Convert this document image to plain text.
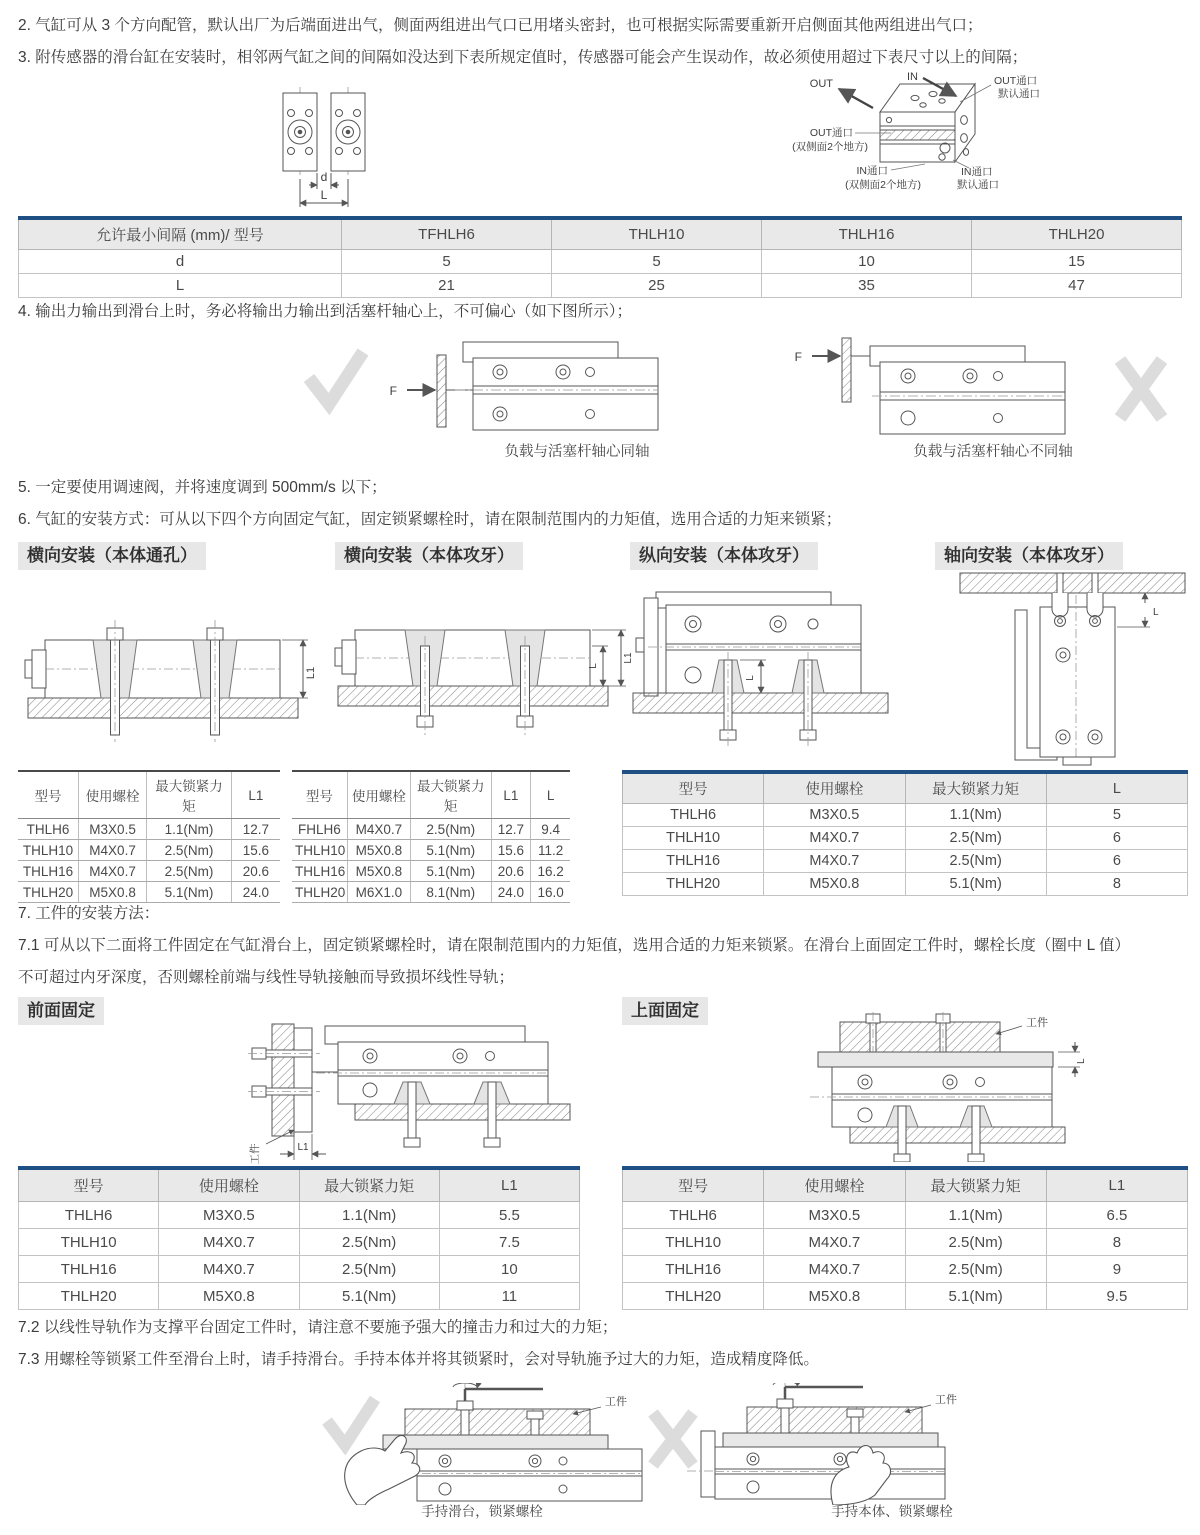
2. 气缸可从 3 个方向配管，默认出厂为后端面进出气，侧面两组进出气口已用堵头密封，也可根据实际需要重新开启侧面其他两组进出气口；

3. 附传感器的滑台缸在安装时，相邻两气缸之间的间隔如没达到下表所规定值时，传感器可能会产生误动作，故必须使用超过下表尺寸以上的间隔；

4. 输出力输出到滑台上时，务必将输出力输出到活塞杆轴心上，不可偏心（如下图所示）；

5. 一定要使用调速阀，并将速度调到 500mm/s 以下；

6. 气缸的安装方式：可从以下四个方向固定气缸，固定锁紧螺栓时，请在限制范围内的力矩值，选用合适的力矩来锁紧；

7. 工件的安装方法：

7.1 可从以下二面将工件固定在气缸滑台上，固定锁紧螺栓时，请在限制范围内的力矩值，选用合适的力矩来锁紧。在滑台上面固定工件时，螺栓长度（圈中 L 值）

不可超过内牙深度，否则螺栓前端与线性导轨接触而导致损坏线性导轨；

7.2 以线性导轨作为支撑平台固定工件时，请注意不要施予强大的撞击力和过大的力矩；

7.3 用螺栓等锁紧工件至滑台上时，请手持滑台。手持本体并将其锁紧时，会对导轨施予过大的力矩，造成精度降低。

d
L
OUT
IN	OUT通口
默认通口
OUT通口
(双侧面2个地方)
IN通口
(双侧面2个地方)
IN通口
默认通口
允许最小间隔 (mm)/ 型号	TFHLH6	THLH10	THLH16	THLH20
d	5	5	10	15
L	21	25	35	47
F
负载与活塞杆轴心同轴
F
负载与活塞杆轴心不同轴
横向安装（本体通孔）	横向安装（本体攻牙）	纵向安装（本体攻牙）	轴向安装（本体攻牙）
L1
L
L1
L
L
型号	使用螺栓	最大锁紧力矩	L1
THLH6	M3X0.5	1.1(Nm)	12.7
THLH10	M4X0.7	2.5(Nm)	15.6
THLH16	M4X0.7	2.5(Nm)	20.6
THLH20	M5X0.8	5.1(Nm)	24.0
型号	使用螺栓	最大锁紧力矩	L1	L
FHLH6	M4X0.7	2.5(Nm)	12.7	9.4
THLH10	M5X0.8	5.1(Nm)	15.6	11.2
THLH16	M5X0.8	5.1(Nm)	20.6	16.2
THLH20	M6X1.0	8.1(Nm)	24.0	16.0
型号	使用螺栓	最大锁紧力矩	L
THLH6	M3X0.5	1.1(Nm)	5
THLH10	M4X0.7	2.5(Nm)	6
THLH16	M4X0.7	2.5(Nm)	6
THLH20	M5X0.8	5.1(Nm)	8
前面固定	上面固定
工件	L1
工件
L
型号	使用螺栓	最大锁紧力矩	L1
THLH6	M3X0.5	1.1(Nm)	5.5
THLH10	M4X0.7	2.5(Nm)	7.5
THLH16	M4X0.7	2.5(Nm)	10
THLH20	M5X0.8	5.1(Nm)	11
型号	使用螺栓	最大锁紧力矩	L1
THLH6	M3X0.5	1.1(Nm)	6.5
THLH10	M4X0.7	2.5(Nm)	8
THLH16	M4X0.7	2.5(Nm)	9
THLH20	M5X0.8	5.1(Nm)	9.5
工件
手持滑台，锁紧螺栓
工件
手持本体、锁紧螺栓
